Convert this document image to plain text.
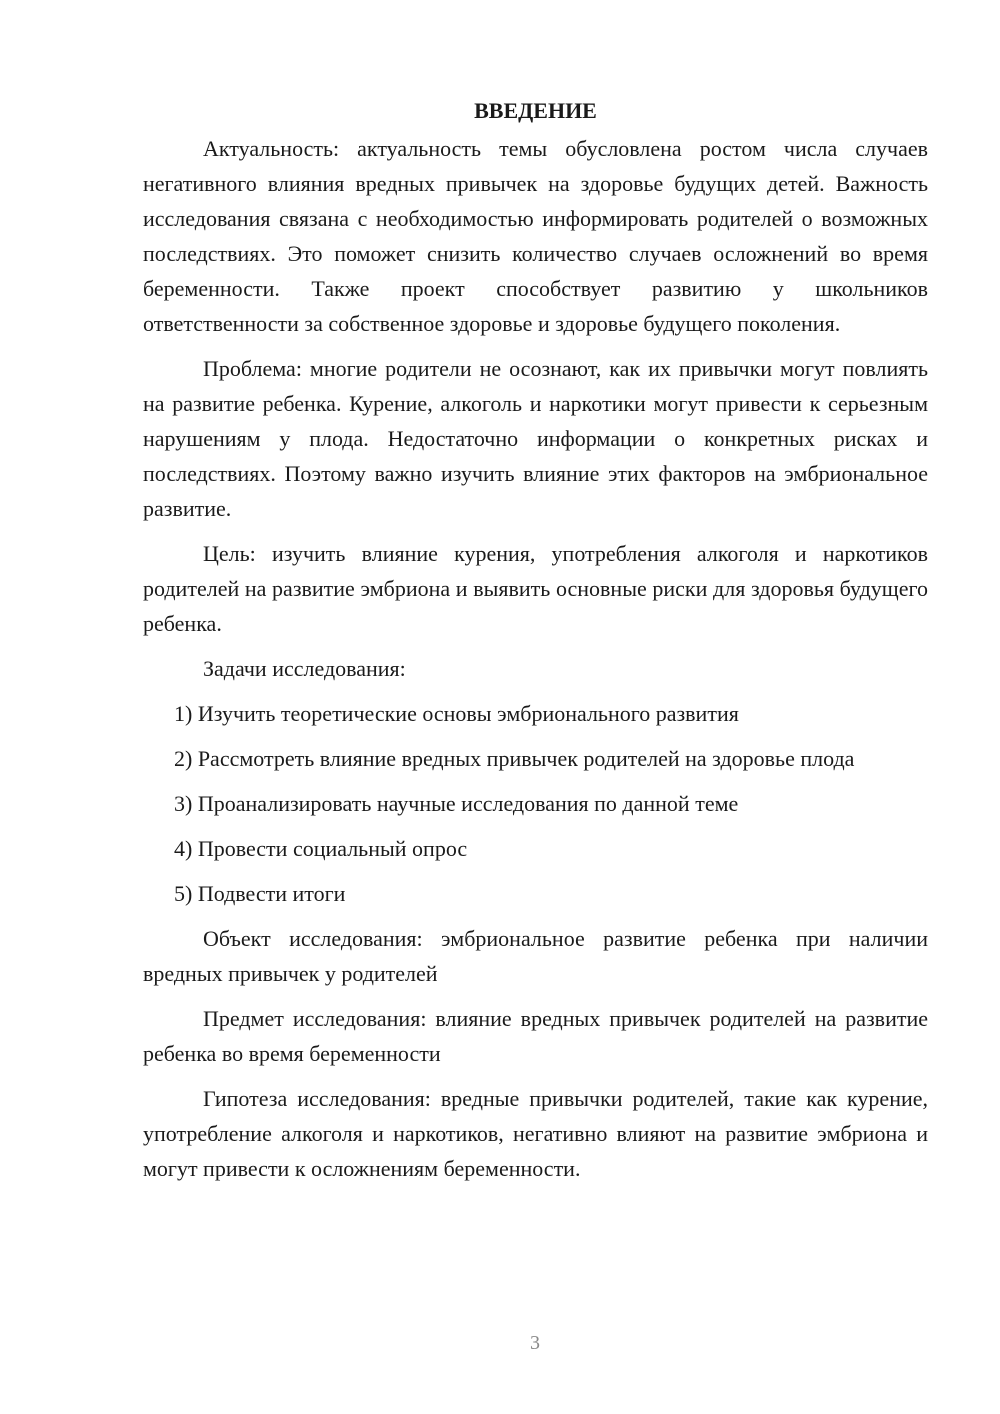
ВВЕДЕНИЕ

Актуальность: актуальность темы обусловлена ростом числа случаев негативного влияния вредных привычек на здоровье будущих детей. Важность исследования связана с необходимостью информировать родителей о возможных последствиях. Это поможет снизить количество случаев осложнений во время беременности. Также проект способствует развитию у школьников ответственности за собственное здоровье и здоровье будущего поколения.

Проблема: многие родители не осознают, как их привычки могут повлиять на развитие ребенка. Курение, алкоголь и наркотики могут привести к серьезным нарушениям у плода. Недостаточно информации о конкретных рисках и последствиях. Поэтому важно изучить влияние этих факторов на эмбриональное развитие.

Цель: изучить влияние курения, употребления алкоголя и наркотиков родителей на развитие эмбриона и выявить основные риски для здоровья будущего ребенка.

Задачи исследования:

1) Изучить теоретические основы эмбрионального развития

2) Рассмотреть влияние вредных привычек родителей на здоровье плода

3) Проанализировать научные исследования по данной теме

4) Провести социальный опрос

5) Подвести итоги

Объект исследования: эмбриональное развитие ребенка при наличии вредных привычек у родителей

Предмет исследования: влияние вредных привычек родителей на развитие ребенка во время беременности

Гипотеза исследования: вредные привычки родителей, такие как курение, употребление алкоголя и наркотиков, негативно влияют на развитие эмбриона и могут привести к осложнениям беременности.

3
